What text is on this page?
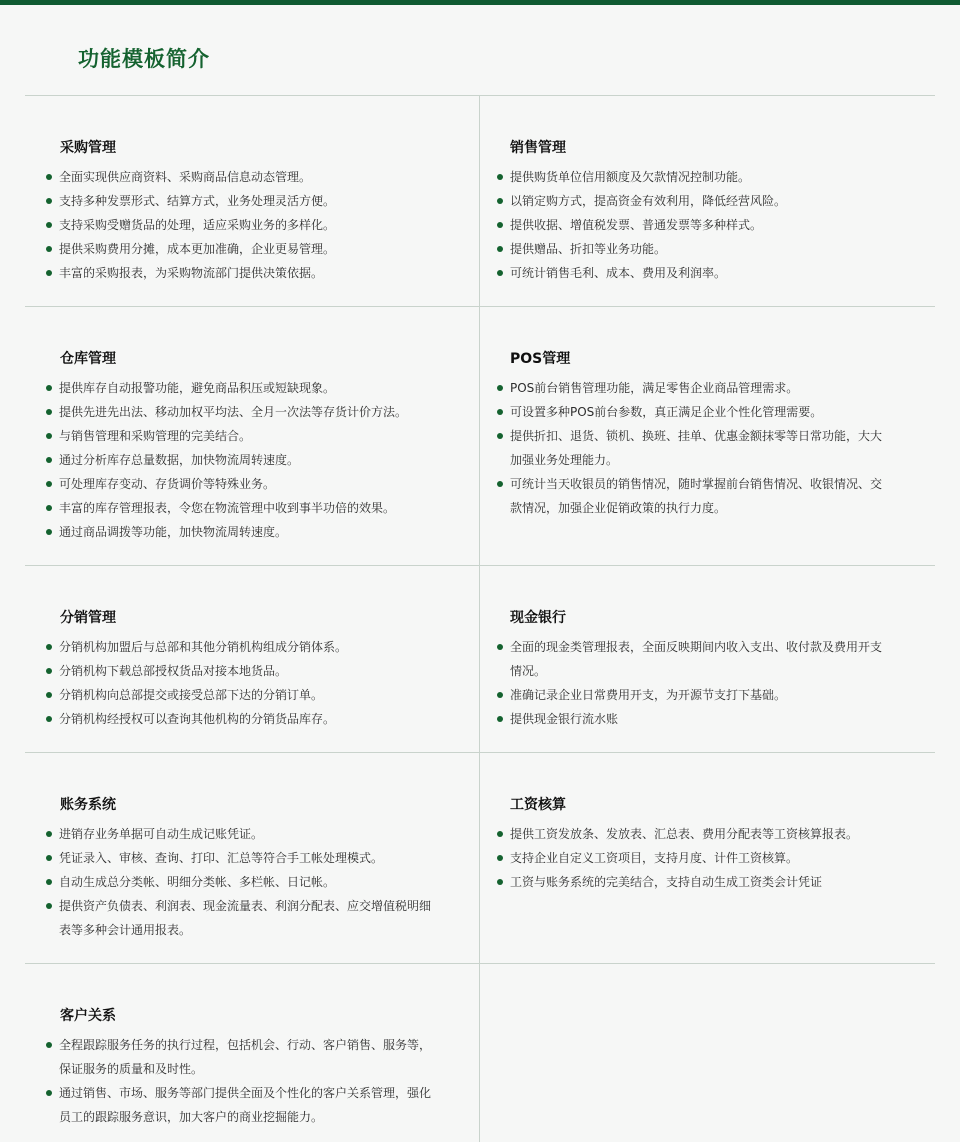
功能模板简介
采购管理
全面实现供应商资料、采购商品信息动态管理。
支持多种发票形式、结算方式，业务处理灵活方便。
支持采购受赠货品的处理，适应采购业务的多样化。
提供采购费用分摊，成本更加准确，企业更易管理。
丰富的采购报表，为采购物流部门提供决策依据。
销售管理
提供购货单位信用额度及欠款情况控制功能。
以销定购方式，提高资金有效利用，降低经营风险。
提供收据、增值税发票、普通发票等多种样式。
提供赠品、折扣等业务功能。
可统计销售毛利、成本、费用及利润率。
仓库管理
提供库存自动报警功能，避免商品积压或短缺现象。
提供先进先出法、移动加权平均法、全月一次法等存货计价方法。
与销售管理和采购管理的完美结合。
通过分析库存总量数据，加快物流周转速度。
可处理库存变动、存货调价等特殊业务。
丰富的库存管理报表，令您在物流管理中收到事半功倍的效果。
通过商品调拨等功能，加快物流周转速度。
POS管理
POS前台销售管理功能，满足零售企业商品管理需求。
可设置多种POS前台参数，真正满足企业个性化管理需要。
提供折扣、退货、锁机、换班、挂单、优惠金额抹零等日常功能，大大加强业务处理能力。
可统计当天收银员的销售情况，随时掌握前台销售情况、收银情况、交款情况，加强企业促销政策的执行力度。
分销管理
分销机构加盟后与总部和其他分销机构组成分销体系。
分销机构下载总部授权货品对接本地货品。
分销机构向总部提交或接受总部下达的分销订单。
分销机构经授权可以查询其他机构的分销货品库存。
现金银行
全面的现金类管理报表，全面反映期间内收入支出、收付款及费用开支情况。
准确记录企业日常费用开支，为开源节支打下基础。
提供现金银行流水账
账务系统
进销存业务单据可自动生成记账凭证。
凭证录入、审核、查询、打印、汇总等符合手工帐处理模式。
自动生成总分类帐、明细分类帐、多栏帐、日记帐。
提供资产负债表、利润表、现金流量表、利润分配表、应交增值税明细表等多种会计通用报表。
工资核算
提供工资发放条、发放表、汇总表、费用分配表等工资核算报表。
支持企业自定义工资项目，支持月度、计件工资核算。
工资与账务系统的完美结合，支持自动生成工资类会计凭证
客户关系
全程跟踪服务任务的执行过程，包括机会、行动、客户销售、服务等，保证服务的质量和及时性。
通过销售、市场、服务等部门提供全面及个性化的客户关系管理，强化员工的跟踪服务意识，加大客户的商业挖掘能力。
